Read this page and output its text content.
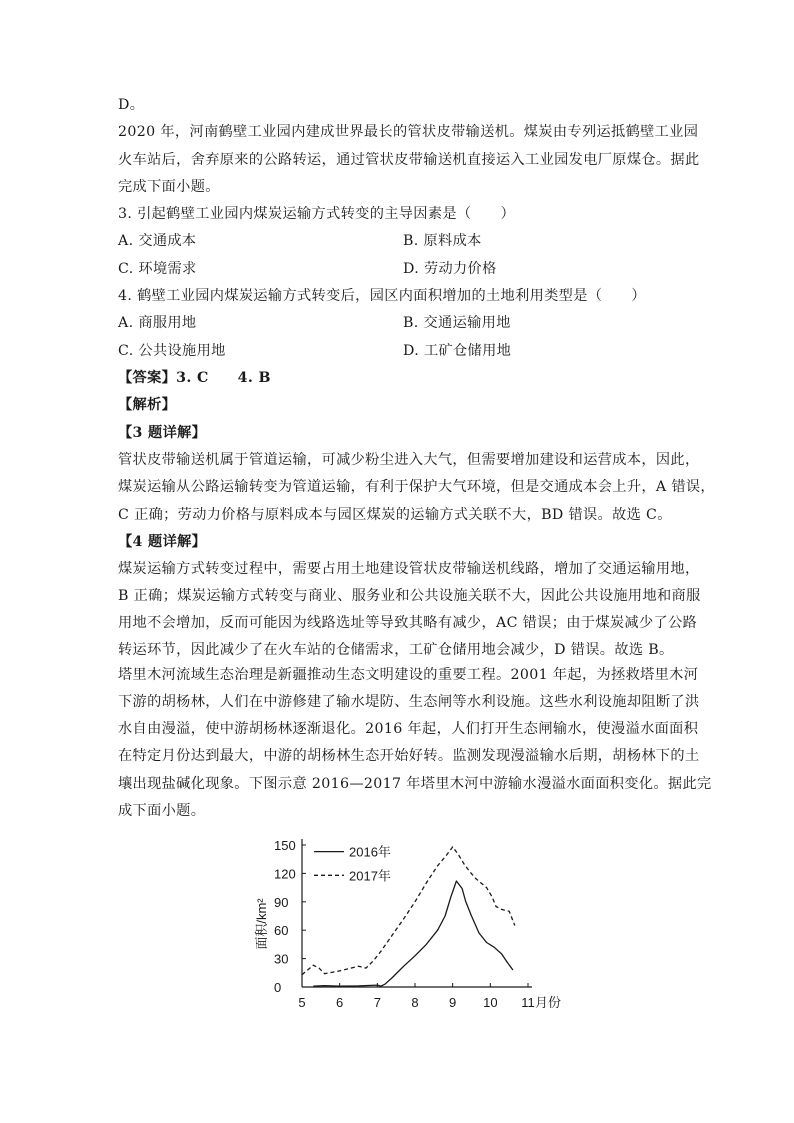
D。
2020 年，河南鹤壁工业园内建成世界最长的管状皮带输送机。煤炭由专列运抵鹤壁工业园
火车站后，舍弃原来的公路转运，通过管状皮带输送机直接运入工业园发电厂原煤仓。据此
完成下面小题。
3. 引起鹤壁工业园内煤炭运输方式转变的主导因素是（　　）
A. 交通成本	B. 原料成本
C. 环境需求	D. 劳动力价格
4. 鹤壁工业园内煤炭运输方式转变后，园区内面积增加的土地利用类型是（　　）
A. 商服用地	B. 交通运输用地
C. 公共设施用地	D. 工矿仓储用地
【答案】3. C　　4. B
【解析】
【3 题详解】
管状皮带输送机属于管道运输，可减少粉尘进入大气，但需要增加建设和运营成本，因此，
煤炭运输从公路运输转变为管道运输，有利于保护大气环境，但是交通成本会上升，A 错误，
C 正确；劳动力价格与原料成本与园区煤炭的运输方式关联不大，BD 错误。故选 C。
【4 题详解】
煤炭运输方式转变过程中，需要占用土地建设管状皮带输送机线路，增加了交通运输用地，
B 正确；煤炭运输方式转变与商业、服务业和公共设施关联不大，因此公共设施用地和商服
用地不会增加，反而可能因为线路选址等导致其略有减少，AC 错误；由于煤炭减少了公路
转运环节，因此减少了在火车站的仓储需求，工矿仓储用地会减少，D 错误。故选 B。
塔里木河流域生态治理是新疆推动生态文明建设的重要工程。2001 年起，为拯救塔里木河
下游的胡杨林，人们在中游修建了输水堤防、生态闸等水利设施。这些水利设施却阻断了洪
水自由漫溢，使中游胡杨林逐渐退化。2016 年起，人们打开生态闸输水，使漫溢水面面积
在特定月份达到最大，中游的胡杨林生态开始好转。监测发现漫溢输水后期，胡杨林下的土
壤出现盐碱化现象。下图示意 2016—2017 年塔里木河中游输水漫溢水面面积变化。据此完
成下面小题。
0
30
60
90
120
150
5 6 7 8 9 10 11
面积/km²
月份
2016年
2017年
